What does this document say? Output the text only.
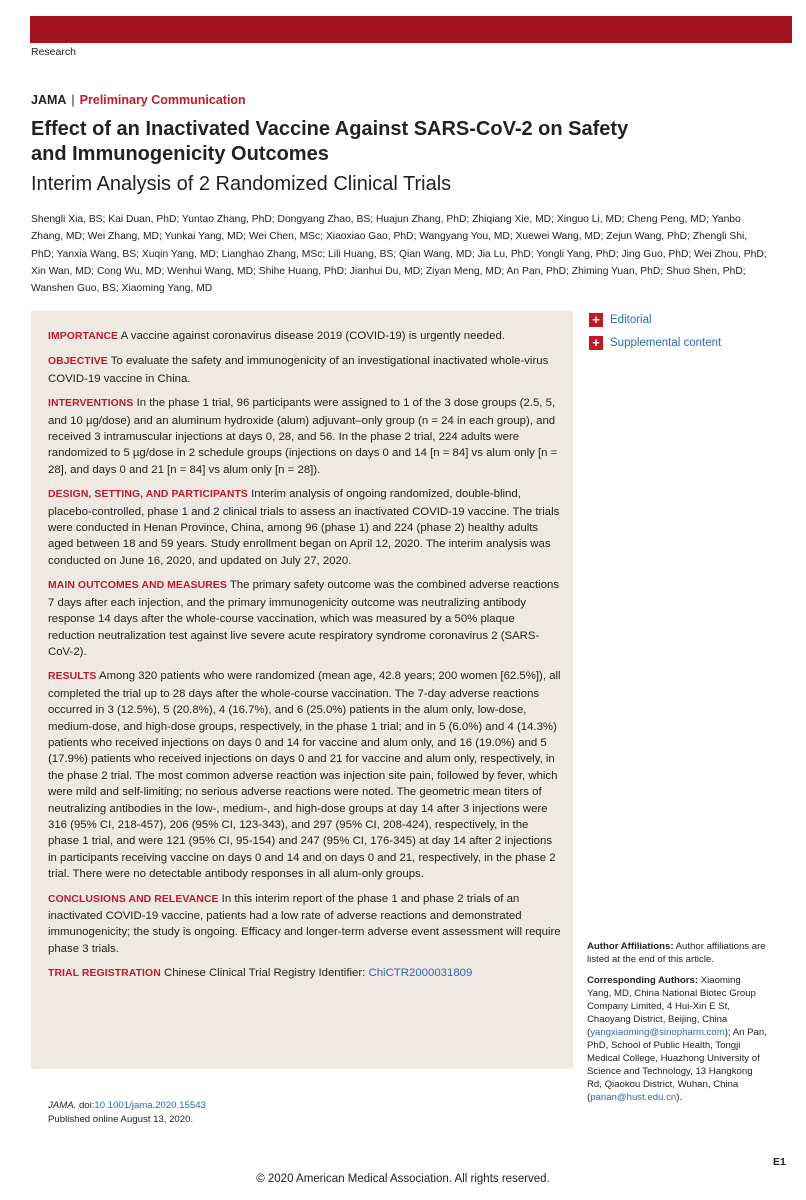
Research
JAMA | Preliminary Communication
Effect of an Inactivated Vaccine Against SARS-CoV-2 on Safety and Immunogenicity Outcomes
Interim Analysis of 2 Randomized Clinical Trials

Shengli Xia, BS; Kai Duan, PhD; Yuntao Zhang, PhD; Dongyang Zhao, BS; Huajun Zhang, PhD; Zhiqiang Xie, MD; Xinguo Li, MD; Cheng Peng, MD; Yanbo Zhang, MD; Wei Zhang, MD; Yunkai Yang, MD; Wei Chen, MSc; Xiaoxiao Gao, PhD; Wangyang You, MD; Xuewei Wang, MD; Zejun Wang, PhD; Zhengli Shi, PhD; Yanxia Wang, BS; Xuqin Yang, MD; Lianghao Zhang, MSc; Lili Huang, BS; Qian Wang, MD; Jia Lu, PhD; Yongli Yang, PhD; Jing Guo, PhD; Wei Zhou, PhD; Xin Wan, MD; Cong Wu, MD; Wenhui Wang, MD; Shihe Huang, PhD; Jianhui Du, MD; Ziyan Meng, MD; An Pan, PhD; Zhiming Yuan, PhD; Shuo Shen, PhD; Wanshen Guo, BS; Xiaoming Yang, MD

IMPORTANCE A vaccine against coronavirus disease 2019 (COVID-19) is urgently needed.

OBJECTIVE To evaluate the safety and immunogenicity of an investigational inactivated whole-virus COVID-19 vaccine in China.

INTERVENTIONS In the phase 1 trial, 96 participants were assigned to 1 of the 3 dose groups (2.5, 5, and 10 µg/dose) and an aluminum hydroxide (alum) adjuvant–only group (n = 24 in each group), and received 3 intramuscular injections at days 0, 28, and 56. In the phase 2 trial, 224 adults were randomized to 5 µg/dose in 2 schedule groups (injections on days 0 and 14 [n = 84] vs alum only [n = 28], and days 0 and 21 [n = 84] vs alum only [n = 28]).

DESIGN, SETTING, AND PARTICIPANTS Interim analysis of ongoing randomized, double-blind, placebo-controlled, phase 1 and 2 clinical trials to assess an inactivated COVID-19 vaccine. The trials were conducted in Henan Province, China, among 96 (phase 1) and 224 (phase 2) healthy adults aged between 18 and 59 years. Study enrollment began on April 12, 2020. The interim analysis was conducted on June 16, 2020, and updated on July 27, 2020.

MAIN OUTCOMES AND MEASURES The primary safety outcome was the combined adverse reactions 7 days after each injection, and the primary immunogenicity outcome was neutralizing antibody response 14 days after the whole-course vaccination, which was measured by a 50% plaque reduction neutralization test against live severe acute respiratory syndrome coronavirus 2 (SARS-CoV-2).

RESULTS Among 320 patients who were randomized (mean age, 42.8 years; 200 women [62.5%]), all completed the trial up to 28 days after the whole-course vaccination. The 7-day adverse reactions occurred in 3 (12.5%), 5 (20.8%), 4 (16.7%), and 6 (25.0%) patients in the alum only, low-dose, medium-dose, and high-dose groups, respectively, in the phase 1 trial; and in 5 (6.0%) and 4 (14.3%) patients who received injections on days 0 and 14 for vaccine and alum only, and 16 (19.0%) and 5 (17.9%) patients who received injections on days 0 and 21 for vaccine and alum only, respectively, in the phase 2 trial. The most common adverse reaction was injection site pain, followed by fever, which were mild and self-limiting; no serious adverse reactions were noted. The geometric mean titers of neutralizing antibodies in the low-, medium-, and high-dose groups at day 14 after 3 injections were 316 (95% CI, 218-457), 206 (95% CI, 123-343), and 297 (95% CI, 208-424), respectively, in the phase 1 trial, and were 121 (95% CI, 95-154) and 247 (95% CI, 176-345) at day 14 after 2 injections in participants receiving vaccine on days 0 and 14 and on days 0 and 21, respectively, in the phase 2 trial. There were no detectable antibody responses in all alum-only groups.

CONCLUSIONS AND RELEVANCE In this interim report of the phase 1 and phase 2 trials of an inactivated COVID-19 vaccine, patients had a low rate of adverse reactions and demonstrated immunogenicity; the study is ongoing. Efficacy and longer-term adverse event assessment will require phase 3 trials.

TRIAL REGISTRATION Chinese Clinical Trial Registry Identifier: ChiCTR2000031809

+ Editorial
+ Supplemental content

Author Affiliations: Author affiliations are listed at the end of this article.

Corresponding Authors: Xiaoming Yang, MD, China National Biotec Group Company Limited, 4 Hui-Xin E St, Chaoyang District, Beijing, China (yangxiaoming@sinopharm.com); An Pan, PhD, School of Public Health, Tongji Medical College, Huazhong University of Science and Technology, 13 Hangkong Rd, Qiaokou District, Wuhan, China (panan@hust.edu.cn).

JAMA. doi:10.1001/jama.2020.15543
Published online August 13, 2020.
E1
© 2020 American Medical Association. All rights reserved.
